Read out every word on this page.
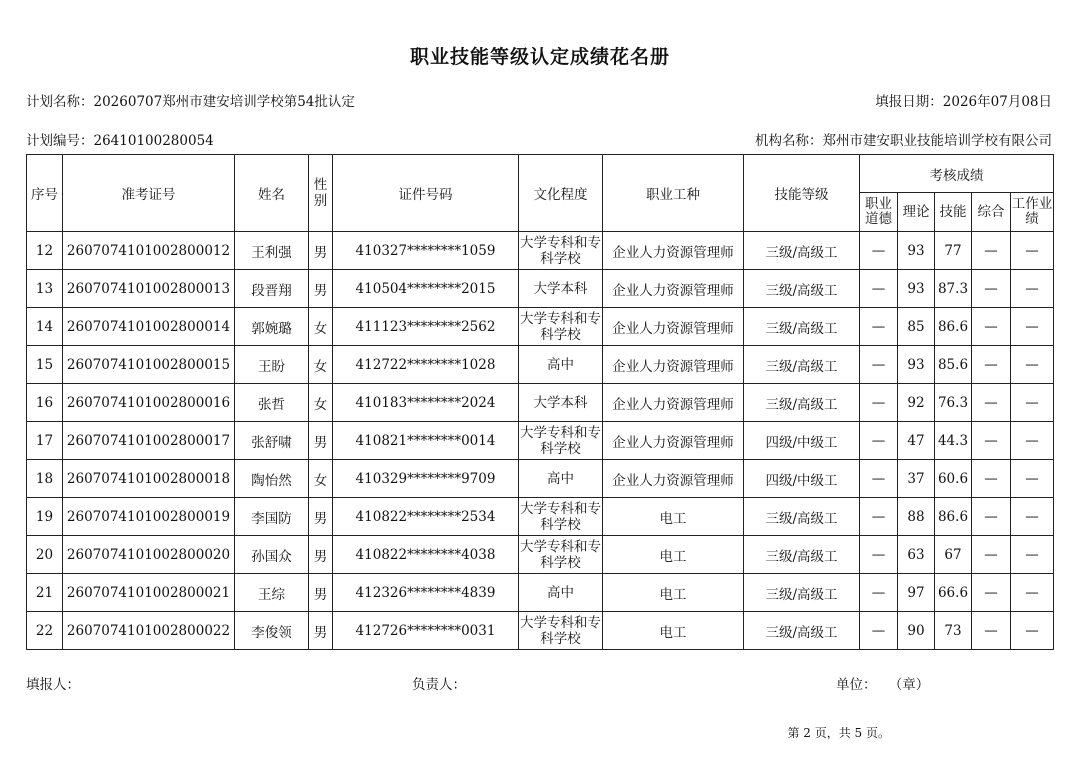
职业技能等级认定成绩花名册
计划名称：20260707郑州市建安培训学校第54批认定	填报日期：2026年07月08日
计划编号：26410100280054	机构名称：郑州市建安职业技能培训学校有限公司
序号	准考证号	姓名	性别	证件号码	文化程度	职业工种	技能等级	考核成绩				
								职业道德	理论	技能	综合	工作业绩
12	2607074101002800012	王利强	男	410327********1059	大学专科和专科学校	企业人力资源管理师	三级/高级工	—	93	77	—	—
13	2607074101002800013	段晋翔	男	410504********2015	大学本科	企业人力资源管理师	三级/高级工	—	93	87.3	—	—
14	2607074101002800014	郭婉璐	女	411123********2562	大学专科和专科学校	企业人力资源管理师	三级/高级工	—	85	86.6	—	—
15	2607074101002800015	王盼	女	412722********1028	高中	企业人力资源管理师	三级/高级工	—	93	85.6	—	—
16	2607074101002800016	张哲	女	410183********2024	大学本科	企业人力资源管理师	三级/高级工	—	92	76.3	—	—
17	2607074101002800017	张舒啸	男	410821********0014	大学专科和专科学校	企业人力资源管理师	四级/中级工	—	47	44.3	—	—
18	2607074101002800018	陶怡然	女	410329********9709	高中	企业人力资源管理师	四级/中级工	—	37	60.6	—	—
19	2607074101002800019	李国防	男	410822********2534	大学专科和专科学校	电工	三级/高级工	—	88	86.6	—	—
20	2607074101002800020	孙国众	男	410822********4038	大学专科和专科学校	电工	三级/高级工	—	63	67	—	—
21	2607074101002800021	王综	男	412326********4839	高中	电工	三级/高级工	—	97	66.6	—	—
22	2607074101002800022	李俊领	男	412726********0031	大学专科和专科学校	电工	三级/高级工	—	90	73	—	—
填报人：	负责人：	单位： （章）
第 2 页，共 5 页。
